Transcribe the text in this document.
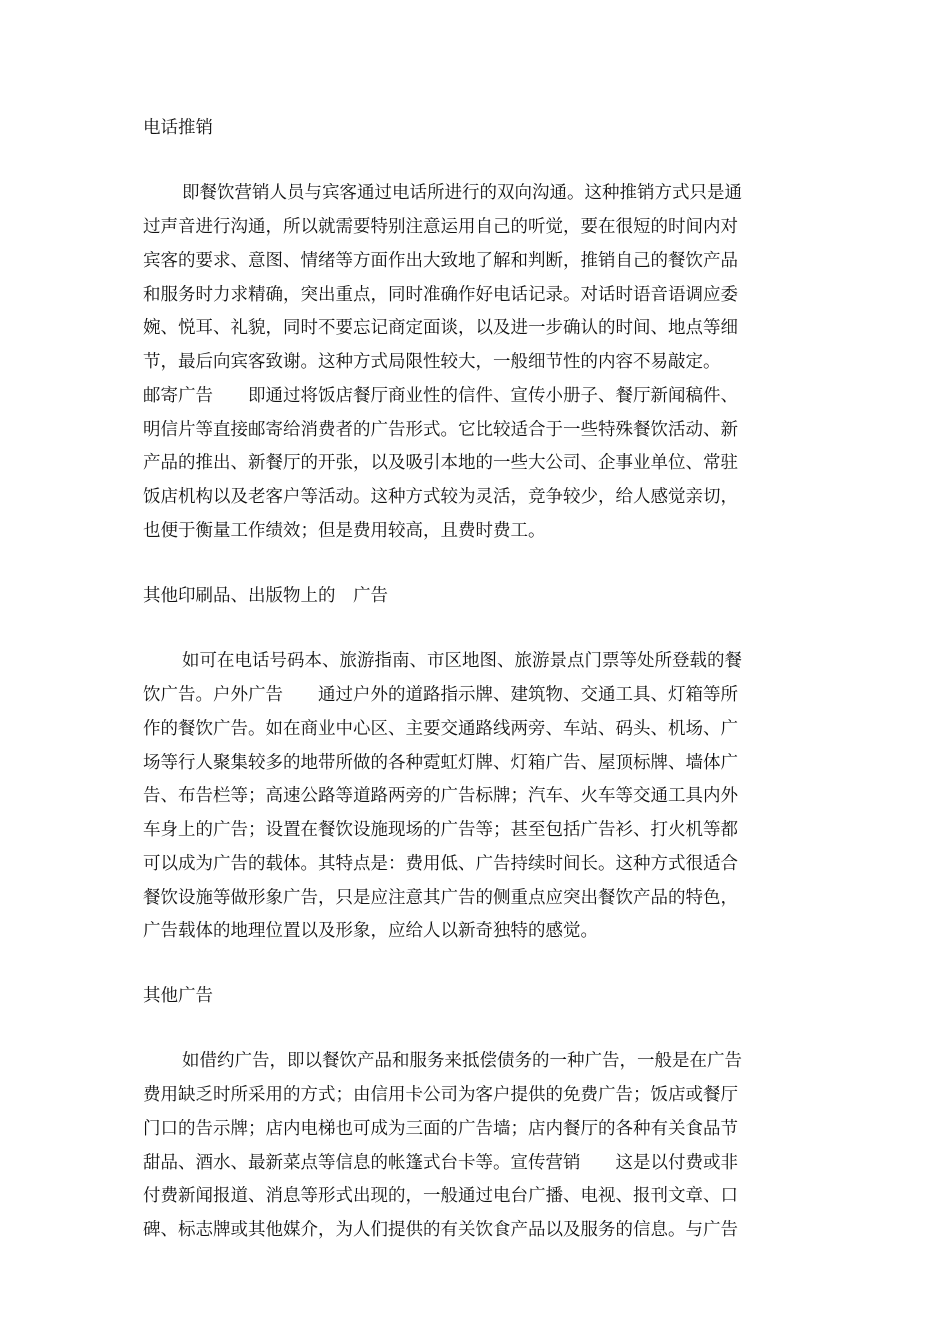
电话推销
即餐饮营销人员与宾客通过电话所进行的双向沟通。这种推销方式只是通
过声音进行沟通，所以就需要特别注意运用自己的听觉，要在很短的时间内对
宾客的要求、意图、情绪等方面作出大致地了解和判断，推销自己的餐饮产品
和服务时力求精确，突出重点，同时准确作好电话记录。对话时语音语调应委
婉、悦耳、礼貌，同时不要忘记商定面谈，以及进一步确认的时间、地点等细
节，最后向宾客致谢。这种方式局限性较大，一般细节性的内容不易敲定。
邮寄广告　　即通过将饭店餐厅商业性的信件、宣传小册子、餐厅新闻稿件、
明信片等直接邮寄给消费者的广告形式。它比较适合于一些特殊餐饮活动、新
产品的推出、新餐厅的开张，以及吸引本地的一些大公司、企事业单位、常驻
饭店机构以及老客户等活动。这种方式较为灵活，竞争较少，给人感觉亲切，
也便于衡量工作绩效；但是费用较高，且费时费工。
其他印刷品、出版物上的　广告
如可在电话号码本、旅游指南、市区地图、旅游景点门票等处所登载的餐
饮广告。户外广告　　通过户外的道路指示牌、建筑物、交通工具、灯箱等所
作的餐饮广告。如在商业中心区、主要交通路线两旁、车站、码头、机场、广
场等行人聚集较多的地带所做的各种霓虹灯牌、灯箱广告、屋顶标牌、墙体广
告、布告栏等；高速公路等道路两旁的广告标牌；汽车、火车等交通工具内外
车身上的广告；设置在餐饮设施现场的广告等；甚至包括广告衫、打火机等都
可以成为广告的载体。其特点是：费用低、广告持续时间长。这种方式很适合
餐饮设施等做形象广告，只是应注意其广告的侧重点应突出餐饮产品的特色，
广告载体的地理位置以及形象，应给人以新奇独特的感觉。
其他广告
如借约广告，即以餐饮产品和服务来抵偿债务的一种广告，一般是在广告
费用缺乏时所采用的方式；由信用卡公司为客户提供的免费广告；饭店或餐厅
门口的告示牌；店内电梯也可成为三面的广告墙；店内餐厅的各种有关食品节
甜品、酒水、最新菜点等信息的帐篷式台卡等。宣传营销　　这是以付费或非
付费新闻报道、消息等形式出现的，一般通过电台广播、电视、报刊文章、口
碑、标志牌或其他媒介，为人们提供的有关饮食产品以及服务的信息。与广告
